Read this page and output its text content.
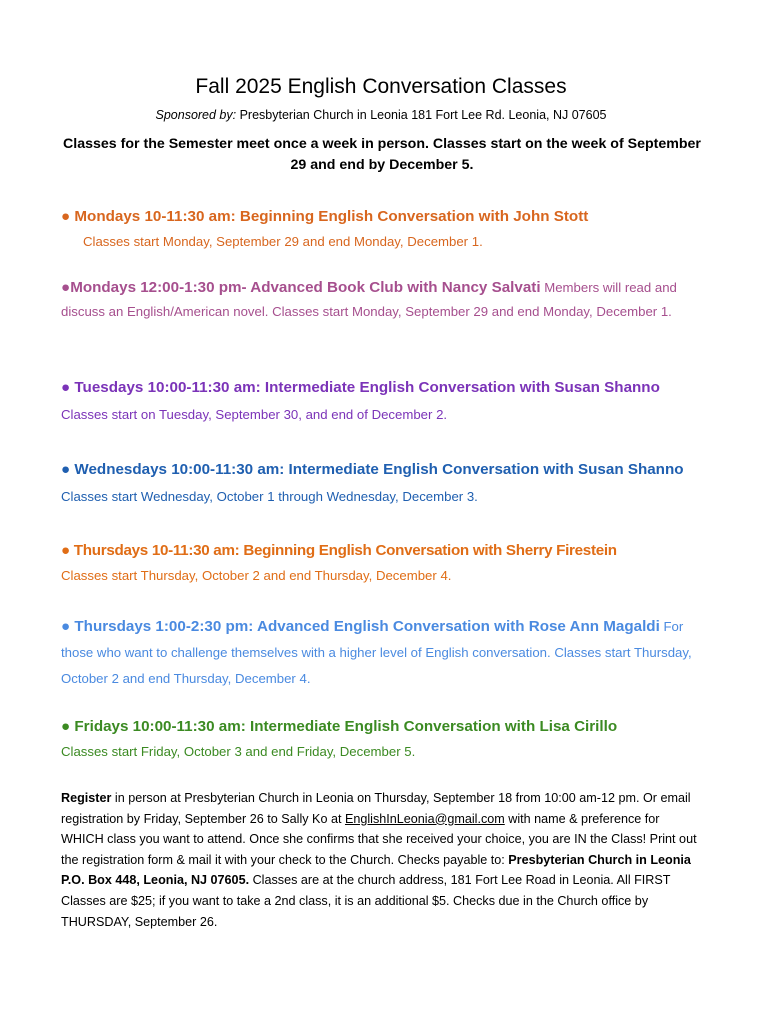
Fall 2025 English Conversation Classes
Sponsored by: Presbyterian Church in Leonia 181 Fort Lee Rd. Leonia, NJ 07605
Classes for the Semester meet once a week in person. Classes start on the week of September 29 and end by December 5.

● Mondays 10-11:30 am: Beginning English Conversation with John Stott

Classes start Monday, September 29 and end Monday, December 1.

●Mondays 12:00-1:30 pm- Advanced Book Club with Nancy Salvati Members will read and discuss an English/American novel. Classes start Monday, September 29 and end Monday, December 1.

● Tuesdays 10:00-11:30 am: Intermediate English Conversation with Susan Shanno Classes start on Tuesday, September 30, and end of December 2.

● Wednesdays 10:00-11:30 am: Intermediate English Conversation with Susan Shanno Classes start Wednesday, October 1 through Wednesday, December 3.

● Thursdays 10-11:30 am: Beginning English Conversation with Sherry Firestein

Classes start Thursday, October 2 and end Thursday, December 4.

● Thursdays 1:00-2:30 pm: Advanced English Conversation with Rose Ann Magaldi For those who want to challenge themselves with a higher level of English conversation. Classes start Thursday, October 2 and end Thursday, December 4.

● Fridays 10:00-11:30 am: Intermediate English Conversation with Lisa Cirillo

Classes start Friday, October 3 and end Friday, December 5.

Register in person at Presbyterian Church in Leonia on Thursday, September 18 from 10:00 am-12 pm. Or email registration by Friday, September 26 to Sally Ko at EnglishInLeonia@gmail.com with name & preference for WHICH class you want to attend. Once she confirms that she received your choice, you are IN the Class! Print out the registration form & mail it with your check to the Church. Checks payable to: Presbyterian Church in Leonia P.O. Box 448, Leonia, NJ 07605. Classes are at the church address, 181 Fort Lee Road in Leonia. All FIRST Classes are $25; if you want to take a 2nd class, it is an additional $5. Checks due in the Church office by THURSDAY, September 26.
